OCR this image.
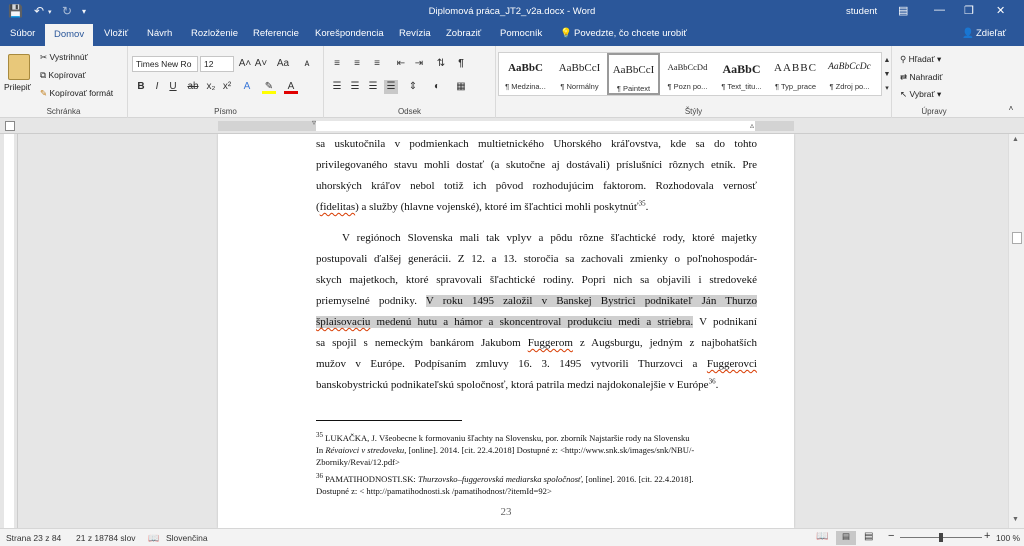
💾 ↶ ▾ ↻ ▾	Diplomová práca_JT2_v2a.docx - Word	student ▤ — ❐ ✕
Súbor	Domov	Vložiť Návrh Rozloženie Referencie Korešpondencia Revízia Zobraziť Pomocník 💡 Povedzte, čo chcete urobiť	👤 Zdieľať
Prilepiť
✂ Vystrihnúť
⧉ Kopírovať
✎ Kopírovať formát
Schránka
Times New Ro	12	A˄ A˅ Aa	ᴀ
B	I	U	ab x₂ x²	A	✎	A
Písmo
≡	≡	≡	⇤ ⇥ ⇅	¶
☰ ☰ ☰ ☰ ⇕	◐	▦
Odsek
AaBbC
¶ Medzina...
AaBbCcI
¶ Normálny
AaBbCcI
¶ Paintext
AaBbCcDd
¶ Pozn po...
AaBbC
¶ Text_titu...
AABBC
¶ Typ_prace
AaBbCcDc
¶ Zdroj po...
▲
▼
▾
Štýly
⚲ Hľadať ▾
⇄ Nahradiť
↖ Vybrať ▾
Úpravy	˄
▿	▵
sa uskutočnila v podmienkach multietnického Uhorského kráľovstva, kde sa do tohto
privilegovaného stavu mohli dostať (a skutočne aj dostávali) príslušníci rôznych etník. Pre
uhorských kráľov nebol totiž ich pôvod rozhodujúcim faktorom. Rozhodovala vernosť
(fidelitas) a služby (hlavne vojenské), ktoré im šľachtici mohli poskytnúť$^{35}$.
V regiónoch Slovenska mali tak vplyv a pôdu rôzne šľachtické rody, ktoré majetky
postupovali ďalšej generácii. Z 12. a 13. storočia sa zachovali zmienky o poľnohospodár-
skych majetkoch, ktoré spravovali šľachtické rodiny. Popri nich sa objavili i stredoveké
priemyselné podniky. V roku 1495 založil v Banskej Bystrici podnikateľ Ján Thurzo
šplaisovaciu medenú hutu a hámor a skoncentroval produkciu medi a striebra. V podnikaní
sa spojil s nemeckým bankárom Jakubom Fuggerom z Augsburgu, jedným z najbohatších
mužov v Európe. Podpísaním zmluvy 16. 3. 1495 vytvorili Thurzovci a Fuggerovci
banskobystrickú podnikateľskú spoločnosť, ktorá patrila medzi najdokonalejšie v Európe$^{36}$.
$^{35}$ LUKAČKA, J. Všeobecne k formovaniu šľachty na Slovensku, por. zborník Najstaršie rody na Slovensku
In Révaiovci v stredoveku, [online]. 2014. [cit. 22.4.2018] Dostupné z: <http://www.snk.sk/images/snk/NBU/-
Zborniky/Revai/12.pdf>
$^{36}$ PAMATIHODNOSTI.SK: Thurzovsko–fuggerovská mediarska spoločnosť, [online]. 2016. [cit. 22.4.2018].
Dostupné z: < http://pamatihodnosti.sk /pamatihodnost/?itemId=92>
23
▲
▼
Strana 23 z 84 21 z 18784 slov 📖 Slovenčina	📖	▤	▤ −	+ 100 %
